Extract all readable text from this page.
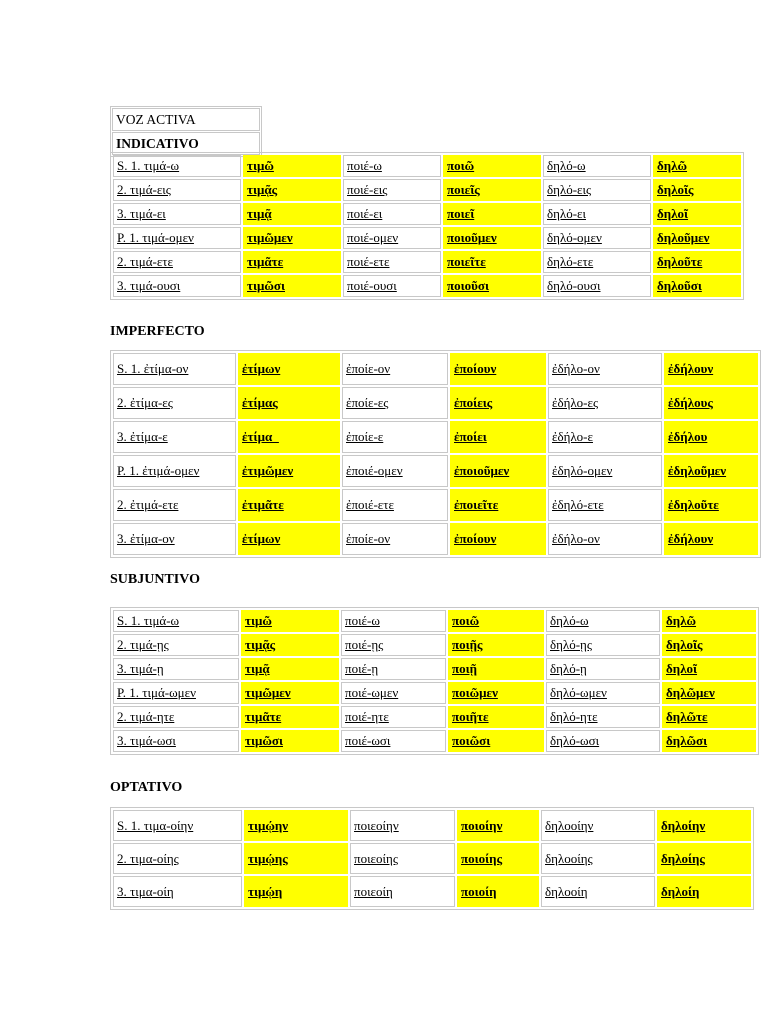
VOZ ACTIVA
INDICATIVO
S. 1. τιμά-ω	τιμῶ	ποιέ-ω	ποιῶ	δηλό-ω	δηλῶ
2. τιμά-εις	τιμᾷς	ποιέ-εις	ποιεῖς	δηλό-εις	δηλοῖς
3. τιμά-ει	τιμᾷ	ποιέ-ει	ποιεῖ	δηλό-ει	δηλοῖ
P. 1. τιμά-ομεν	τιμῶμεν	ποιέ-ομεν	ποιοῦμεν	δηλό-ομεν	δηλοῦμεν
2. τιμά-ετε	τιμᾶτε	ποιέ-ετε	ποιεῖτε	δηλό-ετε	δηλοῦτε
3. τιμά-ουσι	τιμῶσι	ποιέ-ουσι	ποιοῦσι	δηλό-ουσι	δηλοῦσι
IMPERFECTO
S. 1. ἐτίμα-ον	ἐτίμων	ἐποίε-ον	ἐποίουν	ἐδήλο-ον	ἐδήλουν
2. ἐτίμα-ες	ἐτίμας	ἐποίε-ες	ἐποίεις	ἐδήλο-ες	ἐδήλους
3. ἐτίμα-ε	ἐτίμα_	ἐποίε-ε	ἐποίει	ἐδήλο-ε	ἐδήλου
P. 1. ἐτιμά-ομεν	ἐτιμῶμεν	ἐποιέ-ομεν	ἐποιοῦμεν	ἐδηλό-ομεν	ἐδηλοῦμεν
2. ἐτιμά-ετε	ἐτιμᾶτε	ἐποιέ-ετε	ἐποιεῖτε	ἐδηλό-ετε	ἐδηλοῦτε
3. ἐτίμα-ον	ἐτίμων	ἐποίε-ον	ἐποίουν	ἐδήλο-ον	ἐδήλουν
SUBJUNTIVO
S. 1. τιμά-ω	τιμῶ	ποιέ-ω	ποιῶ	δηλό-ω	δηλῶ
2. τιμά-ῃς	τιμᾷς	ποιέ-ῃς	ποιῇς	δηλό-ῃς	δηλοῖς
3. τιμά-ῃ	τιμᾷ	ποιέ-ῃ	ποιῇ	δηλό-ῃ	δηλοῖ
P. 1. τιμά-ωμεν	τιμῶμεν	ποιέ-ωμεν	ποιῶμεν	δηλό-ωμεν	δηλῶμεν
2. τιμά-ητε	τιμᾶτε	ποιέ-ητε	ποιῆτε	δηλό-ητε	δηλῶτε
3. τιμά-ωσι	τιμῶσι	ποιέ-ωσι	ποιῶσι	δηλό-ωσι	δηλῶσι
OPTATIVO
S. 1. τιμα-οίην	τιμῴην	ποιεοίην	ποιοίην	δηλοοίην	δηλοίην
2. τιμα-οίης	τιμῴης	ποιεοίης	ποιοίης	δηλοοίης	δηλοίης
3. τιμα-οίη	τιμῴη	ποιεοίη	ποιοίη	δηλοοίη	δηλοίη
